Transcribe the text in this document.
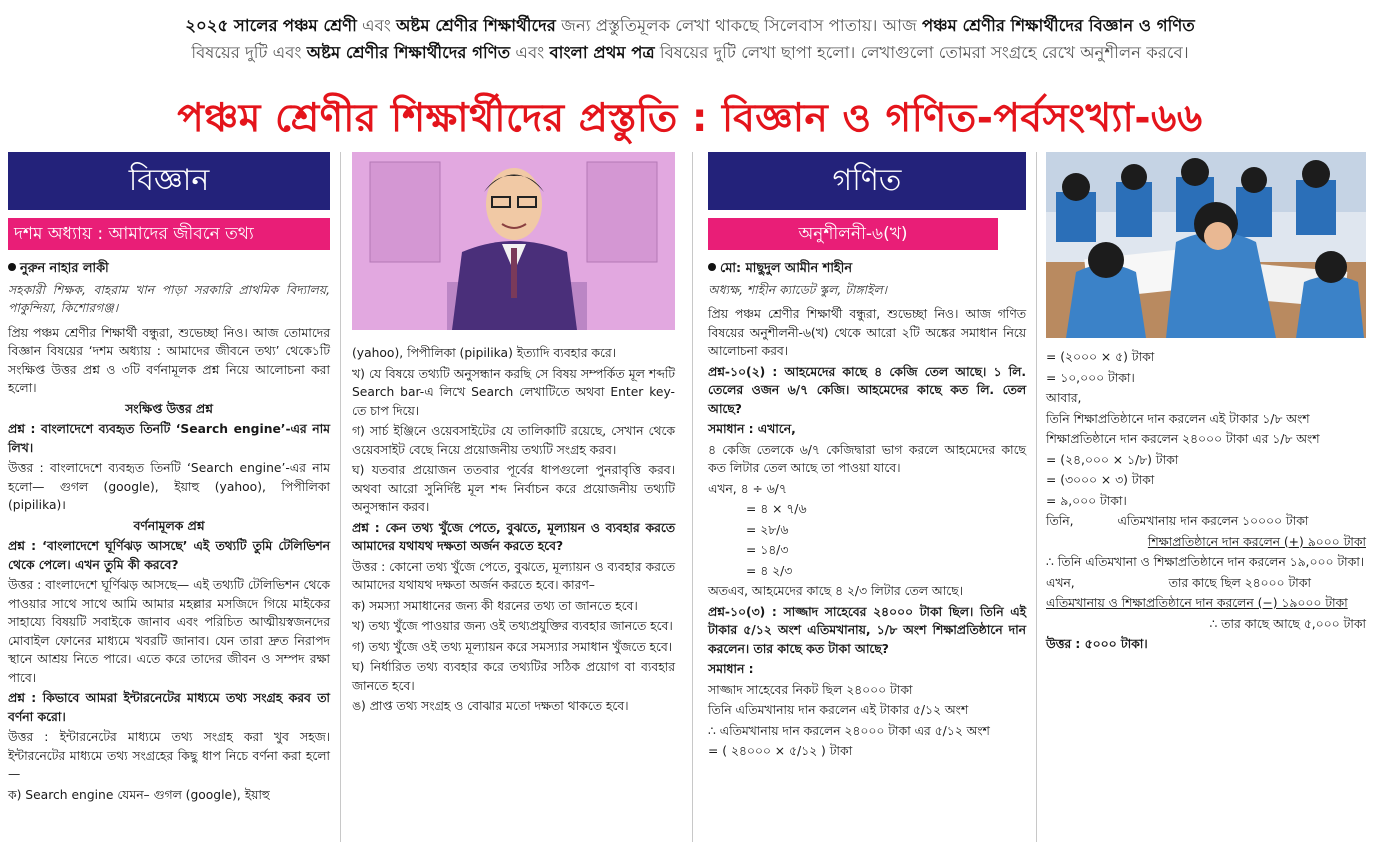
২০২৫ সালের পঞ্চম শ্রেণী এবং অষ্টম শ্রেণীর শিক্ষার্থীদের জন্য প্রস্তুতিমূলক লেখা থাকছে সিলেবাস পাতায়। আজ পঞ্চম শ্রেণীর শিক্ষার্থীদের বিজ্ঞান ও গণিত
বিষয়ের দুটি এবং অষ্টম শ্রেণীর শিক্ষার্থীদের গণিত এবং বাংলা প্রথম পত্র বিষয়ের দুটি লেখা ছাপা হলো। লেখাগুলো তোমরা সংগ্রহে রেখে অনুশীলন করবে।
পঞ্চম শ্রেণীর শিক্ষার্থীদের প্রস্তুতি : বিজ্ঞান ও গণিত-পর্বসংখ্যা-৬৬
বিজ্ঞান
দশম অধ্যায় : আমাদের জীবনে তথ্য

নুরুন নাহার লাকী

সহকারী শিক্ষক, বাহরাম খান পাড়া সরকারি প্রাথমিক বিদ্যালয়, পাকুন্দিয়া, কিশোরগঞ্জ।

প্রিয় পঞ্চম শ্রেণীর শিক্ষার্থী বন্ধুরা, শুভেচ্ছা নিও। আজ তোমাদের বিজ্ঞান বিষয়ের ‘দশম অধ্যায় : আমাদের জীবনে তথ্য’ থেকে১টি সংক্ষিপ্ত উত্তর প্রশ্ন ও ৩টি বর্ণনামূলক প্রশ্ন নিয়ে আলোচনা করা হলো।

সংক্ষিপ্ত উত্তর প্রশ্ন

প্রশ্ন : বাংলাদেশে ব্যবহৃত তিনটি ‘Search engine’-এর নাম লিখ।

উত্তর : বাংলাদেশে ব্যবহৃত তিনটি ‘Search engine’-এর নাম হলো— গুগল (google), ইয়াহু (yahoo), পিপীলিকা (pipilika)।

বর্ণনামূলক প্রশ্ন

প্রশ্ন : ‘বাংলাদেশে ঘূর্ণিঝড় আসছে’ এই তথ্যটি তুমি টেলিভিশন থেকে পেলে। এখন তুমি কী করবে?

উত্তর : বাংলাদেশে ঘূর্ণিঝড় আসছে— এই তথ্যটি টেলিভিশন থেকে পাওয়ার সাথে সাথে আমি আমার মহল্লার মসজিদে গিয়ে মাইকের সাহায্যে বিষয়টি সবাইকে জানাব এবং পরিচিত আত্মীয়স্বজনদের মোবাইল ফোনের মাধ্যমে খবরটি জানাব। যেন তারা দ্রুত নিরাপদ স্থানে আশ্রয় নিতে পারে। এতে করে তাদের জীবন ও সম্পদ রক্ষা পাবে।

প্রশ্ন : কিভাবে আমরা ইন্টারনেটের মাধ্যমে তথ্য সংগ্রহ করব তা বর্ণনা করো।

উত্তর : ইন্টারনেটের মাধ্যমে তথ্য সংগ্রহ করা খুব সহজ। ইন্টারনেটের মাধ্যমে তথ্য সংগ্রহের কিছু ধাপ নিচে বর্ণনা করা হলো—

ক) Search engine যেমন– গুগল (google), ইয়াহু

(yahoo), পিপীলিকা (pipilika) ইত্যাদি ব্যবহার করে।

খ) যে বিষয়ে তথ্যটি অনুসন্ধান করছি সে বিষয় সম্পর্কিত মূল শব্দটি Search bar-এ লিখে Search লেখাটিতে অথবা Enter key-তে চাপ দিয়ে।

গ) সার্চ ইঞ্জিনে ওয়েবসাইটের যে তালিকাটি রয়েছে, সেখান থেকে ওয়েবসাইট বেছে নিয়ে প্রয়োজনীয় তথ্যটি সংগ্রহ করব।

ঘ) যতবার প্রয়োজন ততবার পূর্বের ধাপগুলো পুনরাবৃত্তি করব। অথবা আরো সুনির্দিষ্ট মূল শব্দ নির্বাচন করে প্রয়োজনীয় তথ্যটি অনুসন্ধান করব।

প্রশ্ন : কেন তথ্য খুঁজে পেতে, বুঝতে, মূল্যায়ন ও ব্যবহার করতে আমাদের যথাযথ দক্ষতা অর্জন করতে হবে?

উত্তর : কোনো তথ্য খুঁজে পেতে, বুঝতে, মূল্যায়ন ও ব্যবহার করতে আমাদের যথাযথ দক্ষতা অর্জন করতে হবে। কারণ–

ক) সমস্যা সমাধানের জন্য কী ধরনের তথ্য তা জানতে হবে।

খ) তথ্য খুঁজে পাওয়ার জন্য ওই তথ্যপ্রযুক্তির ব্যবহার জানতে হবে।

গ) তথ্য খুঁজে ওই তথ্য মূল্যায়ন করে সমস্যার সমাধান খুঁজতে হবে।

ঘ) নির্ধারিত তথ্য ব্যবহার করে তথ্যটির সঠিক প্রয়োগ বা ব্যবহার জানতে হবে।

ঙ) প্রাপ্ত তথ্য সংগ্রহ ও বোঝার মতো দক্ষতা থাকতে হবে।

গণিত
অনুশীলনী-৬(খ)

মো: মাছুদুল আমীন শাহীন

অধ্যক্ষ, শাহীন ক্যাডেট স্কুল, টাঙ্গাইল।

প্রিয় পঞ্চম শ্রেণীর শিক্ষার্থী বন্ধুরা, শুভেচ্ছা নিও। আজ গণিত বিষয়ের অনুশীলনী-৬(খ) থেকে আরো ২টি অঙ্কের সমাধান নিয়ে আলোচনা করব।

প্রশ্ন-১০(২) : আহমেদের কাছে ৪ কেজি তেল আছে। ১ লি. তেলের ওজন ৬/৭ কেজি। আহমেদের কাছে কত লি. তেল আছে?

সমাধান : এখানে,

৪ কেজি তেলকে ৬/৭ কেজিদ্বারা ভাগ করলে আহমেদের কাছে কত লিটার তেল আছে তা পাওয়া যাবে।

এখন, ৪ ÷ ৬/৭

= ৪ × ৭/৬

= ২৮/৬

= ১৪/৩

= ৪ ২/৩

অতএব, আহমেদের কাছে ৪ ২/৩ লিটার তেল আছে।

প্রশ্ন-১০(৩) : সাজ্জাদ সাহেবের ২৪০০০ টাকা ছিল। তিনি এই টাকার ৫/১২ অংশ এতিমখানায়, ১/৮ অংশ শিক্ষাপ্রতিষ্ঠানে দান করলেন। তার কাছে কত টাকা আছে?

সমাধান :

সাজ্জাদ সাহেবের নিকট ছিল ২৪০০০ টাকা

তিনি এতিমখানায় দান করলেন এই টাকার ৫/১২ অংশ

∴ এতিমখানায় দান করলেন ২৪০০০ টাকা এর ৫/১২ অংশ

= ( ২৪০০০ × ৫/১২ ) টাকা

= (২০০০ × ৫) টাকা

= ১০,০০০ টাকা।

আবার,

তিনি শিক্ষাপ্রতিষ্ঠানে দান করলেন এই টাকার ১/৮ অংশ

শিক্ষাপ্রতিষ্ঠানে দান করলেন ২৪০০০ টাকা এর ১/৮ অংশ

= (২৪,০০০ × ১/৮) টাকা

= (৩০০০ × ৩) টাকা

= ৯,০০০ টাকা।

তিনি,	এতিমখানায় দান করলেন ১০০০০ টাকা

শিক্ষাপ্রতিষ্ঠানে দান করলেন (+) ৯০০০ টাকা

∴ তিনি এতিমখানা ও শিক্ষাপ্রতিষ্ঠানে দান করলেন ১৯,০০০ টাকা।

এখন,	তার কাছে ছিল ২৪০০০ টাকা

এতিমখানায় ও শিক্ষাপ্রতিষ্ঠানে দান করলেন (−) ১৯০০০ টাকা

∴ তার কাছে আছে ৫,০০০ টাকা

উত্তর : ৫০০০ টাকা।
